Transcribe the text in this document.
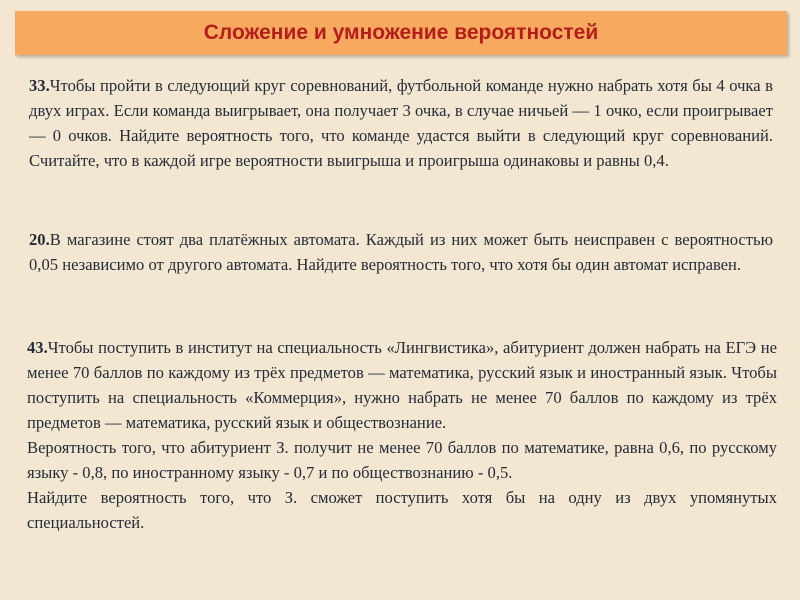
Сложение и умножение вероятностей
33.Чтобы пройти в следующий круг соревнований, футбольной команде нужно набрать хотя бы 4 очка в двух играх. Если команда выигрывает, она получает 3 очка, в случае ничьей — 1 очко, если проигрывает — 0 очков. Найдите вероятность того, что команде удастся выйти в следующий круг соревнований. Считайте, что в каждой игре вероятности выигрыша и проигрыша одинаковы и равны 0,4.
20.В магазине стоят два платёжных автомата. Каждый из них может быть неисправен с вероятностью 0,05 независимо от другого автомата. Найдите вероятность того, что хотя бы один автомат исправен.

43.Чтобы поступить в институт на специальность «Лингвистика», абитуриент должен набрать на ЕГЭ не менее 70 баллов по каждому из трёх предметов — математика, русский язык и иностранный язык. Чтобы поступить на специальность «Коммерция», нужно набрать не менее 70 баллов по каждому из трёх предметов — математика, русский язык и обществознание.

Вероятность того, что абитуриент З. получит не менее 70 баллов по математике, равна 0,6, по русскому языку - 0,8, по иностранному языку - 0,7 и по обществознанию - 0,5.

Найдите вероятность того, что З. сможет поступить хотя бы на одну из двух упомянутых специальностей.
